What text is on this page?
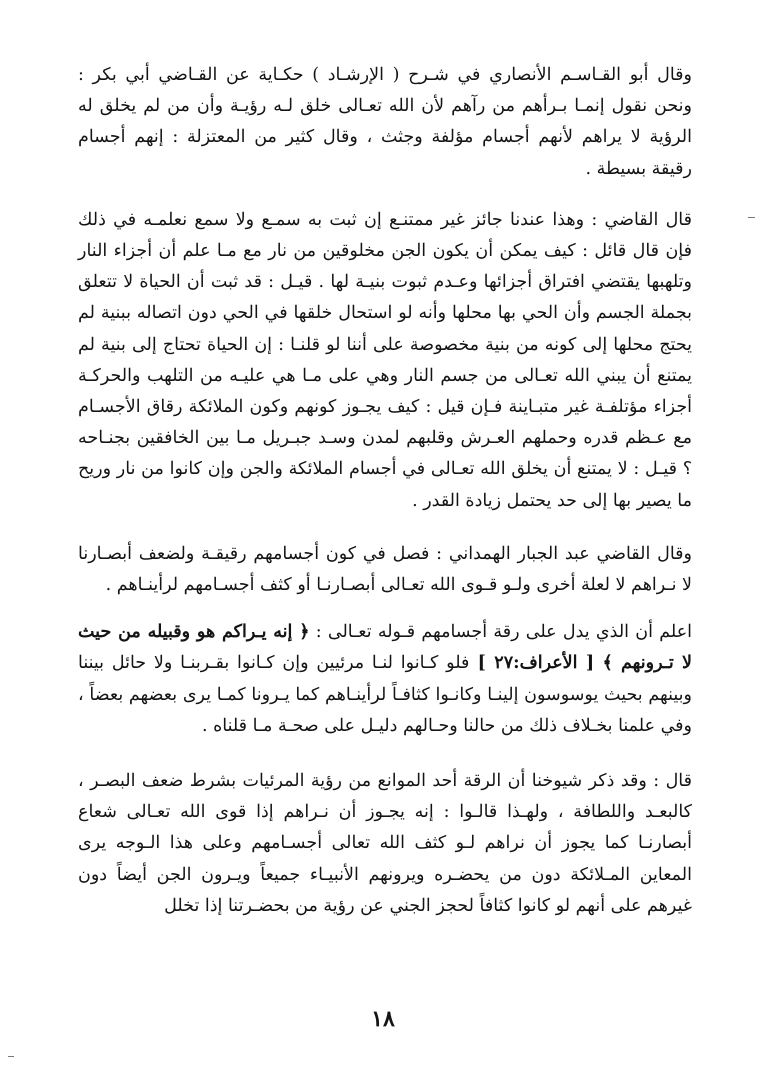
وقال أبو القـاسـم الأنصاري في شـرح ( الإرشـاد ) حكـاية عن القـاضي أبي بكر : ونحن نقول إنمـا بـرأهم من رآهم لأن الله تعـالى خلق لـه رؤيـة وأن من لم يخلق له الرؤية لا يراهم لأنهم أجسام مؤلفة وجثث ، وقال كثير من المعتزلة : إنهم أجسام رقيقة بسيطة .

قال القاضي : وهذا عندنا جائز غير ممتنـع إن ثبت به سمـع ولا سمع نعلمـه في ذلك فإن قال قائل : كيف يمكن أن يكون الجن مخلوقين من نار مع مـا علم أن أجزاء النار وتلهبها يقتضي افتراق أجزائها وعـدم ثبوت بنيـة لها . قيـل : قد ثبت أن الحياة لا تتعلق بجملة الجسم وأن الحي بها محلها وأنه لو استحال خلقها في الحي دون اتصاله ببنية لم يحتج محلها إلى كونه من بنية مخصوصة على أننا لو قلنـا : إن الحياة تحتاج إلى بنية لم يمتنع أن يبني الله تعـالى من جسم النار وهي على مـا هي عليـه من التلهب والحركـة أجزاء مؤتلفـة غير متبـاينة فـإن قيل : كيف يجـوز كونهم وكون الملائكة رقاق الأجسـام مع عـظم قدره وحملهم العـرش وقلبهم لمدن وسـد جبـريل مـا بين الخافقين بجنـاحه ؟ قيـل : لا يمتنع أن يخلق الله تعـالى في أجسام الملائكة والجن وإن كانوا من نار وريح ما يصير بها إلى حد يحتمل زيادة القدر .

وقال القاضي عبد الجبار الهمداني : فصل في كون أجسامهم رقيقـة ولضعف أبصـارنا لا نـراهم لا لعلة أخرى ولـو قـوى الله تعـالى أبصـارنـا أو كثف أجسـامهم لرأينـاهم .

اعلم أن الذي يدل على رقة أجسامهم قـوله تعـالى : ﴿ إنه يـراكم هو وقبيله من حيث لا تـرونهم ﴾ [ الأعراف:٢٧ ] فلو كـانوا لنـا مرئيين وإن كـانوا بقـربنـا ولا حائل بيننا وبينهم بحيث يوسوسون إلينـا وكانـوا كثافـاً لرأينـاهم كما يـرونا كمـا يرى بعضهم بعضاً ، وفي علمنا بخـلاف ذلك من حالنا وحـالهم دليـل على صحـة مـا قلناه .

قال : وقد ذكر شيوخنا أن الرقة أحد الموانع من رؤية المرئيات بشرط ضعف البصـر ، كالبعـد واللطافة ، ولهـذا قالـوا : إنه يجـوز أن نـراهم إذا قوى الله تعـالى شعاع أبصارنـا كما يجوز أن نراهم لـو كثف الله تعالى أجسـامهم وعلى هذا الـوجه يرى المعاين المـلائكة دون من يحضـره ويرونهم الأنبيـاء جميعاً ويـرون الجن أيضاً دون غيرهم على أنهم لو كانوا كثافاً لحجز الجني عن رؤية من بحضـرتنا إذا تخلل

١٨
